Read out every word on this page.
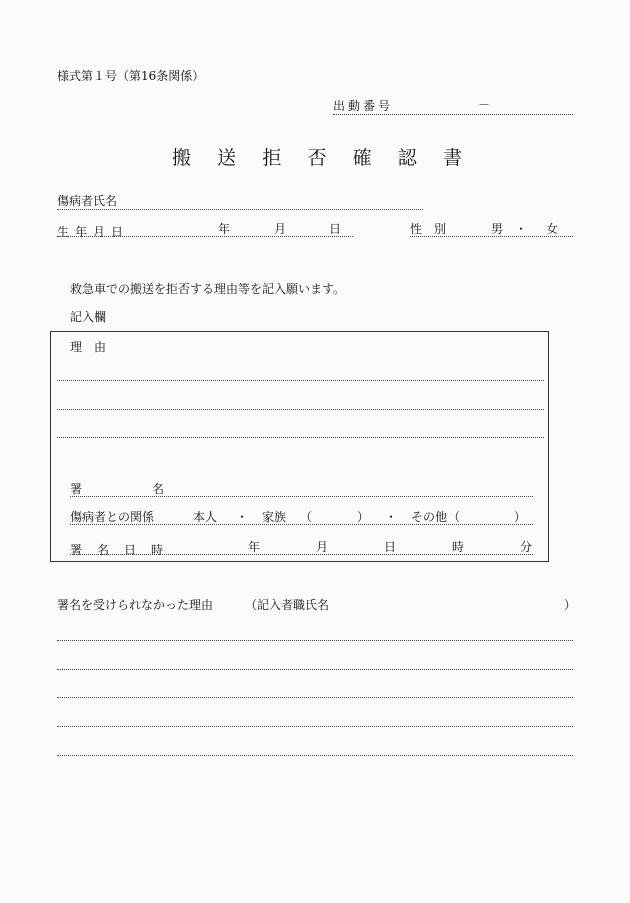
様式第１号（第16条関係）
出動番号	－
搬 送 拒 否 確 認 書
傷病者氏名
生 年 月 日	年	月	日	性　別	男 ・ 女
救急車での搬送を拒否する理由等を記入願います。
記入欄
理　由
署	名
傷病者との関係	本人 ・ 家族 （	） ・ その他 （	）
署 名 日 時	年	月	日	時	分
署名を受けられなかった理由	（記入者職氏名	）
